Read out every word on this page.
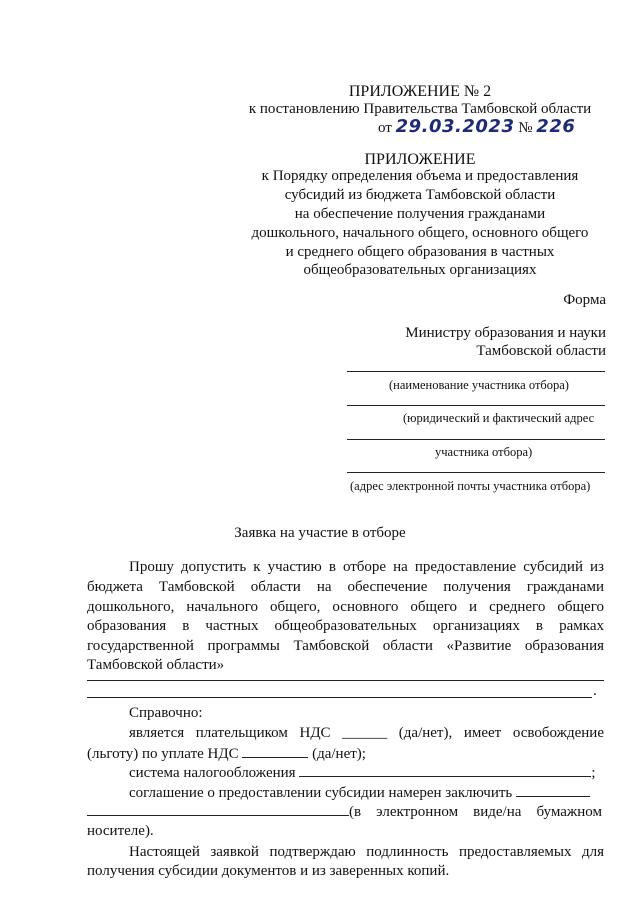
ПРИЛОЖЕНИЕ № 2
к постановлению Правительства Тамбовской области
от 29.03.2023 № 226
ПРИЛОЖЕНИЕ
к Порядку определения объема и предоставления
субсидий из бюджета Тамбовской области
на обеспечение получения гражданами
дошкольного, начального общего, основного общего
и среднего общего образования в частных
общеобразовательных организациях
Форма
Министру образования и науки
Тамбовской области
(наименование участника отбора)
(юридический и фактический адрес
участника отбора)
(адрес электронной почты участника отбора)
Заявка на участие в отборе
Прошу допустить к участию в отборе на предоставление субсидий из
бюджета Тамбовской области на обеспечение получения гражданами
дошкольного, начального общего, основного общего и среднего общего
образования в частных общеобразовательных организациях в рамках
государственной программы Тамбовской области «Развитие образования
Тамбовской области»
.
Справочно:
является плательщиком НДС ______ (да/нет), имеет освобождение
(льготу) по уплате НДС	(да/нет);
система налогообложения	;
соглашение о предоставлении субсидии намерен заключить
(в электронном виде/на бумажном
носителе).
Настоящей заявкой подтверждаю подлинность предоставляемых для
получения субсидии документов и из заверенных копий.
